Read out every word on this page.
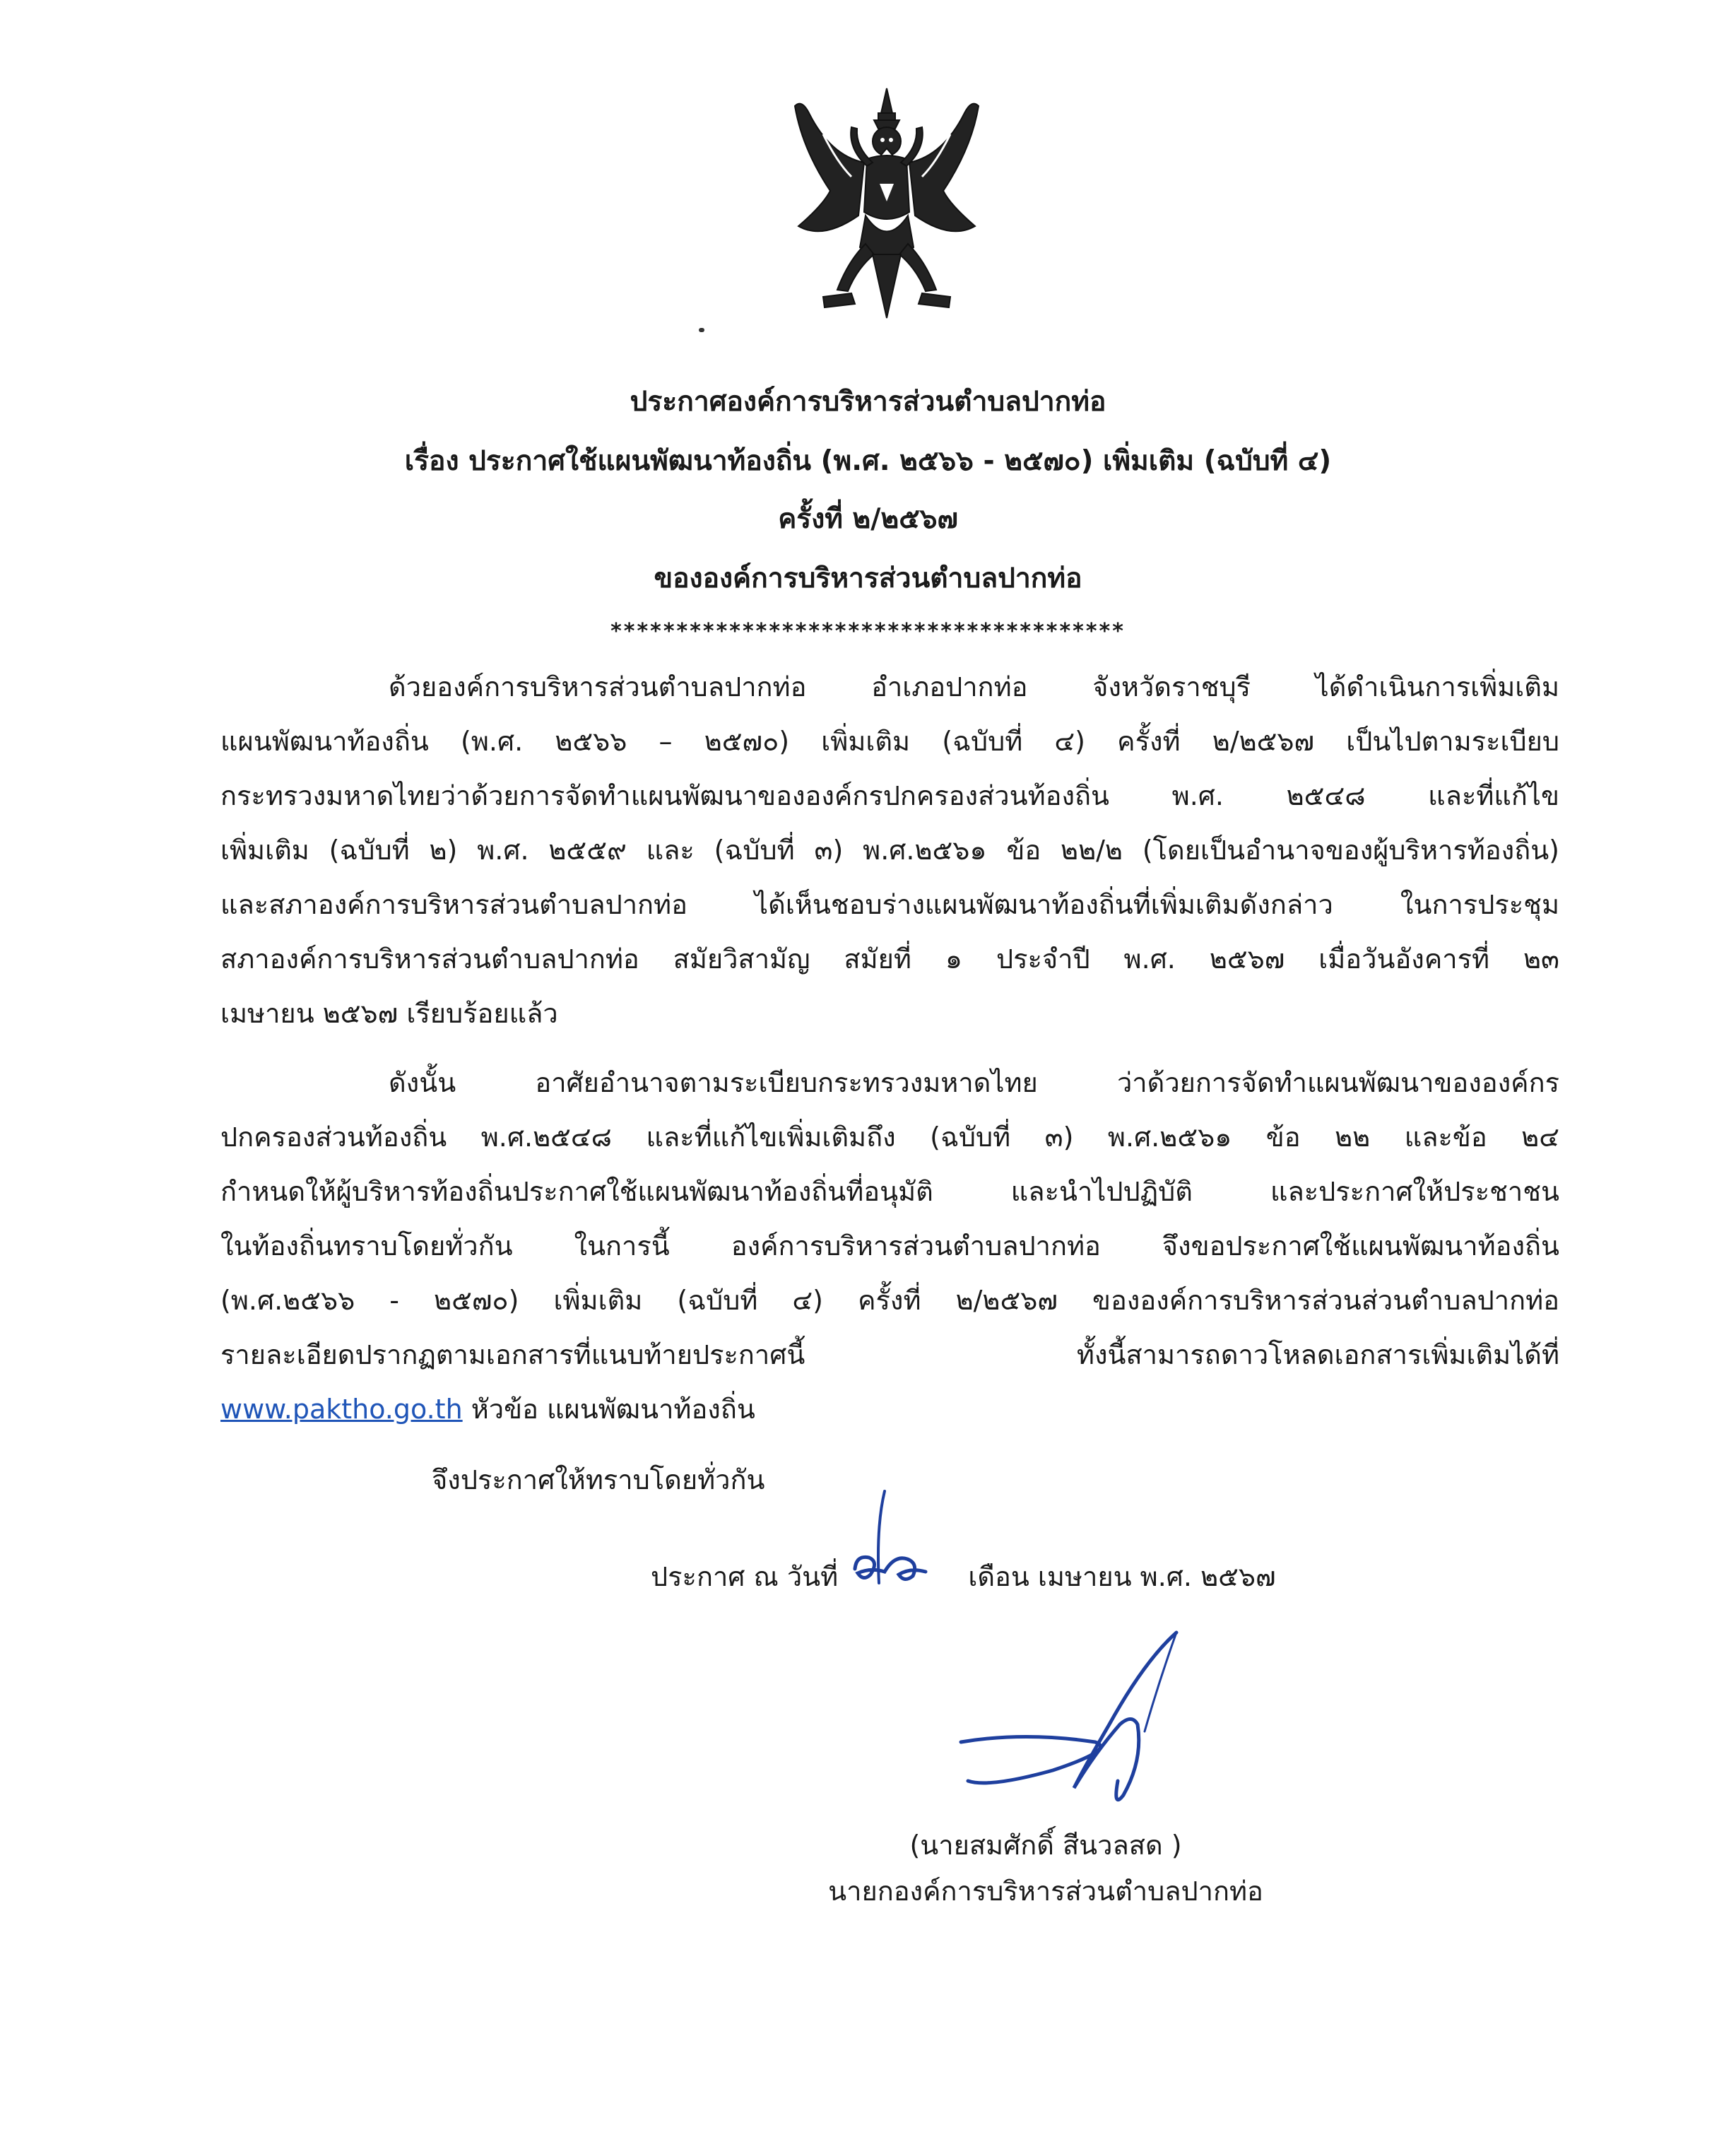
ประกาศองค์การบริหารส่วนตำบลปากท่อ
เรื่อง ประกาศใช้แผนพัฒนาท้องถิ่น (พ.ศ. ๒๕๖๖ - ๒๕๗๐) เพิ่มเติม (ฉบับที่ ๔)
ครั้งที่ ๒/๒๕๖๗
ขององค์การบริหารส่วนตำบลปากท่อ
***************************************
ด้วยองค์การบริหารส่วนตำบลปากท่อ อำเภอปากท่อ จังหวัดราชบุรี ได้ดำเนินการเพิ่มเติม
แผนพัฒนาท้องถิ่น (พ.ศ. ๒๕๖๖ – ๒๕๗๐) เพิ่มเติม (ฉบับที่ ๔) ครั้งที่ ๒/๒๕๖๗ เป็นไปตามระเบียบ
กระทรวงมหาดไทยว่าด้วยการจัดทำแผนพัฒนาขององค์กรปกครองส่วนท้องถิ่น พ.ศ. ๒๕๔๘ และที่แก้ไข
เพิ่มเติม (ฉบับที่ ๒) พ.ศ. ๒๕๕๙ และ (ฉบับที่ ๓) พ.ศ.๒๕๖๑ ข้อ ๒๒/๒ (โดยเป็นอำนาจของผู้บริหารท้องถิ่น)
และสภาองค์การบริหารส่วนตำบลปากท่อ ได้เห็นชอบร่างแผนพัฒนาท้องถิ่นที่เพิ่มเติมดังกล่าว ในการประชุม
สภาองค์การบริหารส่วนตำบลปากท่อ สมัยวิสามัญ สมัยที่ ๑ ประจำปี พ.ศ. ๒๕๖๗ เมื่อวันอังคารที่ ๒๓
เมษายน ๒๕๖๗ เรียบร้อยแล้ว
ดังนั้น อาศัยอำนาจตามระเบียบกระทรวงมหาดไทย ว่าด้วยการจัดทำแผนพัฒนาขององค์กร
ปกครองส่วนท้องถิ่น พ.ศ.๒๕๔๘ และที่แก้ไขเพิ่มเติมถึง (ฉบับที่ ๓) พ.ศ.๒๕๖๑ ข้อ ๒๒ และข้อ ๒๔
กำหนดให้ผู้บริหารท้องถิ่นประกาศใช้แผนพัฒนาท้องถิ่นที่อนุมัติ และนำไปปฏิบัติ และประกาศให้ประชาชน
ในท้องถิ่นทราบโดยทั่วกัน ในการนี้ องค์การบริหารส่วนตำบลปากท่อ จึงขอประกาศใช้แผนพัฒนาท้องถิ่น
(พ.ศ.๒๕๖๖ - ๒๕๗๐) เพิ่มเติม (ฉบับที่ ๔) ครั้งที่ ๒/๒๕๖๗ ขององค์การบริหารส่วนส่วนตำบลปากท่อ
รายละเอียดปรากฏตามเอกสารที่แนบท้ายประกาศนี้ ทั้งนี้สามารถดาวโหลดเอกสารเพิ่มเติมได้ที่
www.paktho.go.th หัวข้อ แผนพัฒนาท้องถิ่น
จึงประกาศให้ทราบโดยทั่วกัน
ประกาศ ณ วันที่	เดือน เมษายน พ.ศ. ๒๕๖๗
(นายสมศักดิ์ สีนวลสด )
นายกองค์การบริหารส่วนตำบลปากท่อ
